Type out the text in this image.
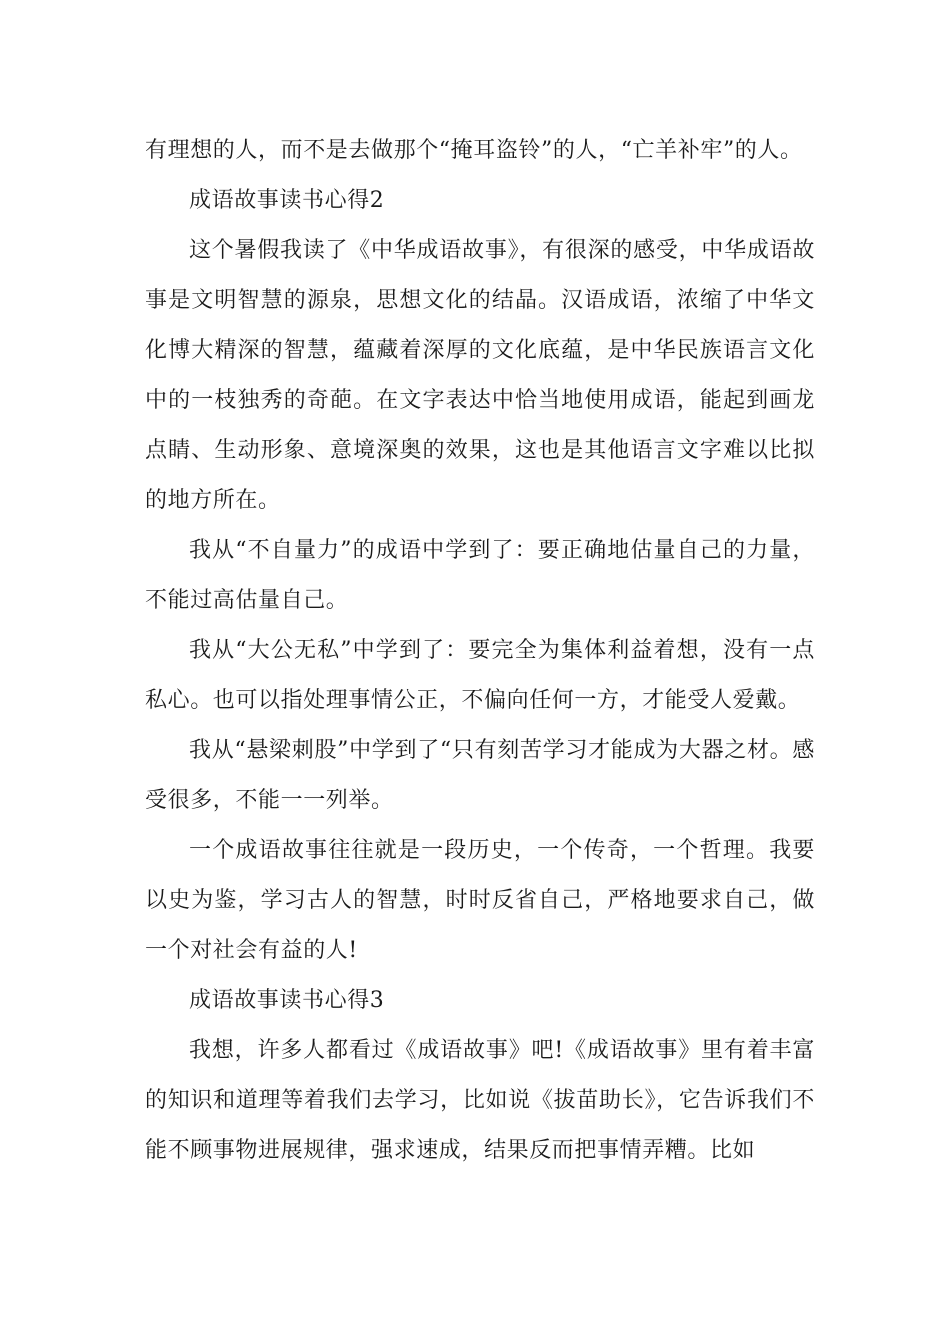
有理想的人，而不是去做那个“掩耳盗铃”的人，“亡羊补牢”的人。

成语故事读书心得2

这个暑假我读了《中华成语故事》，有很深的感受，中华成语故事是文明智慧的源泉，思想文化的结晶。汉语成语，浓缩了中华文化博大精深的智慧，蕴藏着深厚的文化底蕴，是中华民族语言文化中的一枝独秀的奇葩。在文字表达中恰当地使用成语，能起到画龙点睛、生动形象、意境深奥的效果，这也是其他语言文字难以比拟的地方所在。

我从“不自量力”的成语中学到了：要正确地估量自己的力量，不能过高估量自己。

我从“大公无私”中学到了：要完全为集体利益着想，没有一点私心。也可以指处理事情公正，不偏向任何一方，才能受人爱戴。

我从“悬梁刺股”中学到了“只有刻苦学习才能成为大器之材。感受很多，不能一一列举。

一个成语故事往往就是一段历史，一个传奇，一个哲理。我要以史为鉴，学习古人的智慧，时时反省自己，严格地要求自己，做一个对社会有益的人!

成语故事读书心得3

我想，许多人都看过《成语故事》吧!《成语故事》里有着丰富的知识和道理等着我们去学习，比如说《拔苗助长》，它告诉我们不能不顾事物进展规律，强求速成，结果反而把事情弄糟。比如
